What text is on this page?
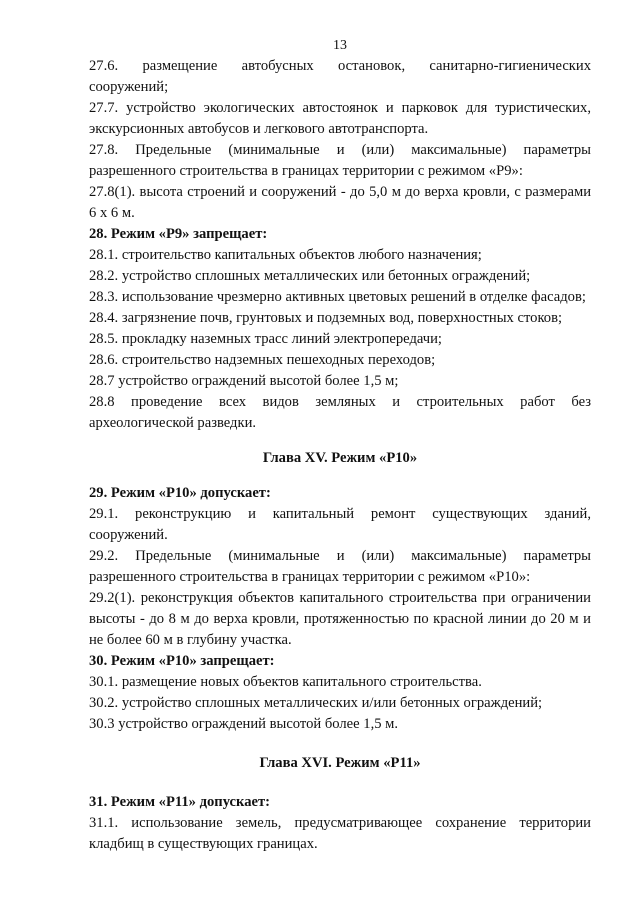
13

27.6. размещение автобусных остановок, санитарно-гигиенических сооружений;

27.7. устройство экологических автостоянок и парковок для туристических, экскурсионных автобусов и легкового автотранспорта.

27.8. Предельные (минимальные и (или) максимальные) параметры разрешенного строительства в границах территории с режимом «Р9»:

27.8(1). высота строений и сооружений - до 5,0 м до верха кровли, с размерами 6 х 6 м.

28. Режим «Р9» запрещает:

28.1. строительство капитальных объектов любого назначения;

28.2. устройство сплошных металлических или бетонных ограждений;

28.3. использование чрезмерно активных цветовых решений в отделке фасадов;

28.4. загрязнение почв, грунтовых и подземных вод, поверхностных стоков;

28.5. прокладку наземных трасс линий электропередачи;

28.6. строительство надземных пешеходных переходов;

28.7 устройство ограждений высотой более 1,5 м;

28.8 проведение всех видов земляных и строительных работ без археологической разведки.

Глава XV. Режим «Р10»

29. Режим «Р10» допускает:

29.1. реконструкцию и капитальный ремонт существующих зданий, сооружений.

29.2. Предельные (минимальные и (или) максимальные) параметры разрешенного строительства в границах территории с режимом «Р10»:

29.2(1). реконструкция объектов капитального строительства при ограничении высоты - до 8 м до верха кровли, протяженностью по красной линии до 20 м и не более 60 м в глубину участка.

30. Режим «Р10» запрещает:

30.1. размещение новых объектов капитального строительства.

30.2. устройство сплошных металлических и/или бетонных ограждений;

30.3 устройство ограждений высотой более 1,5 м.

Глава XVI. Режим «Р11»

31. Режим «Р11» допускает:

31.1. использование земель, предусматривающее сохранение территории кладбищ в существующих границах.
